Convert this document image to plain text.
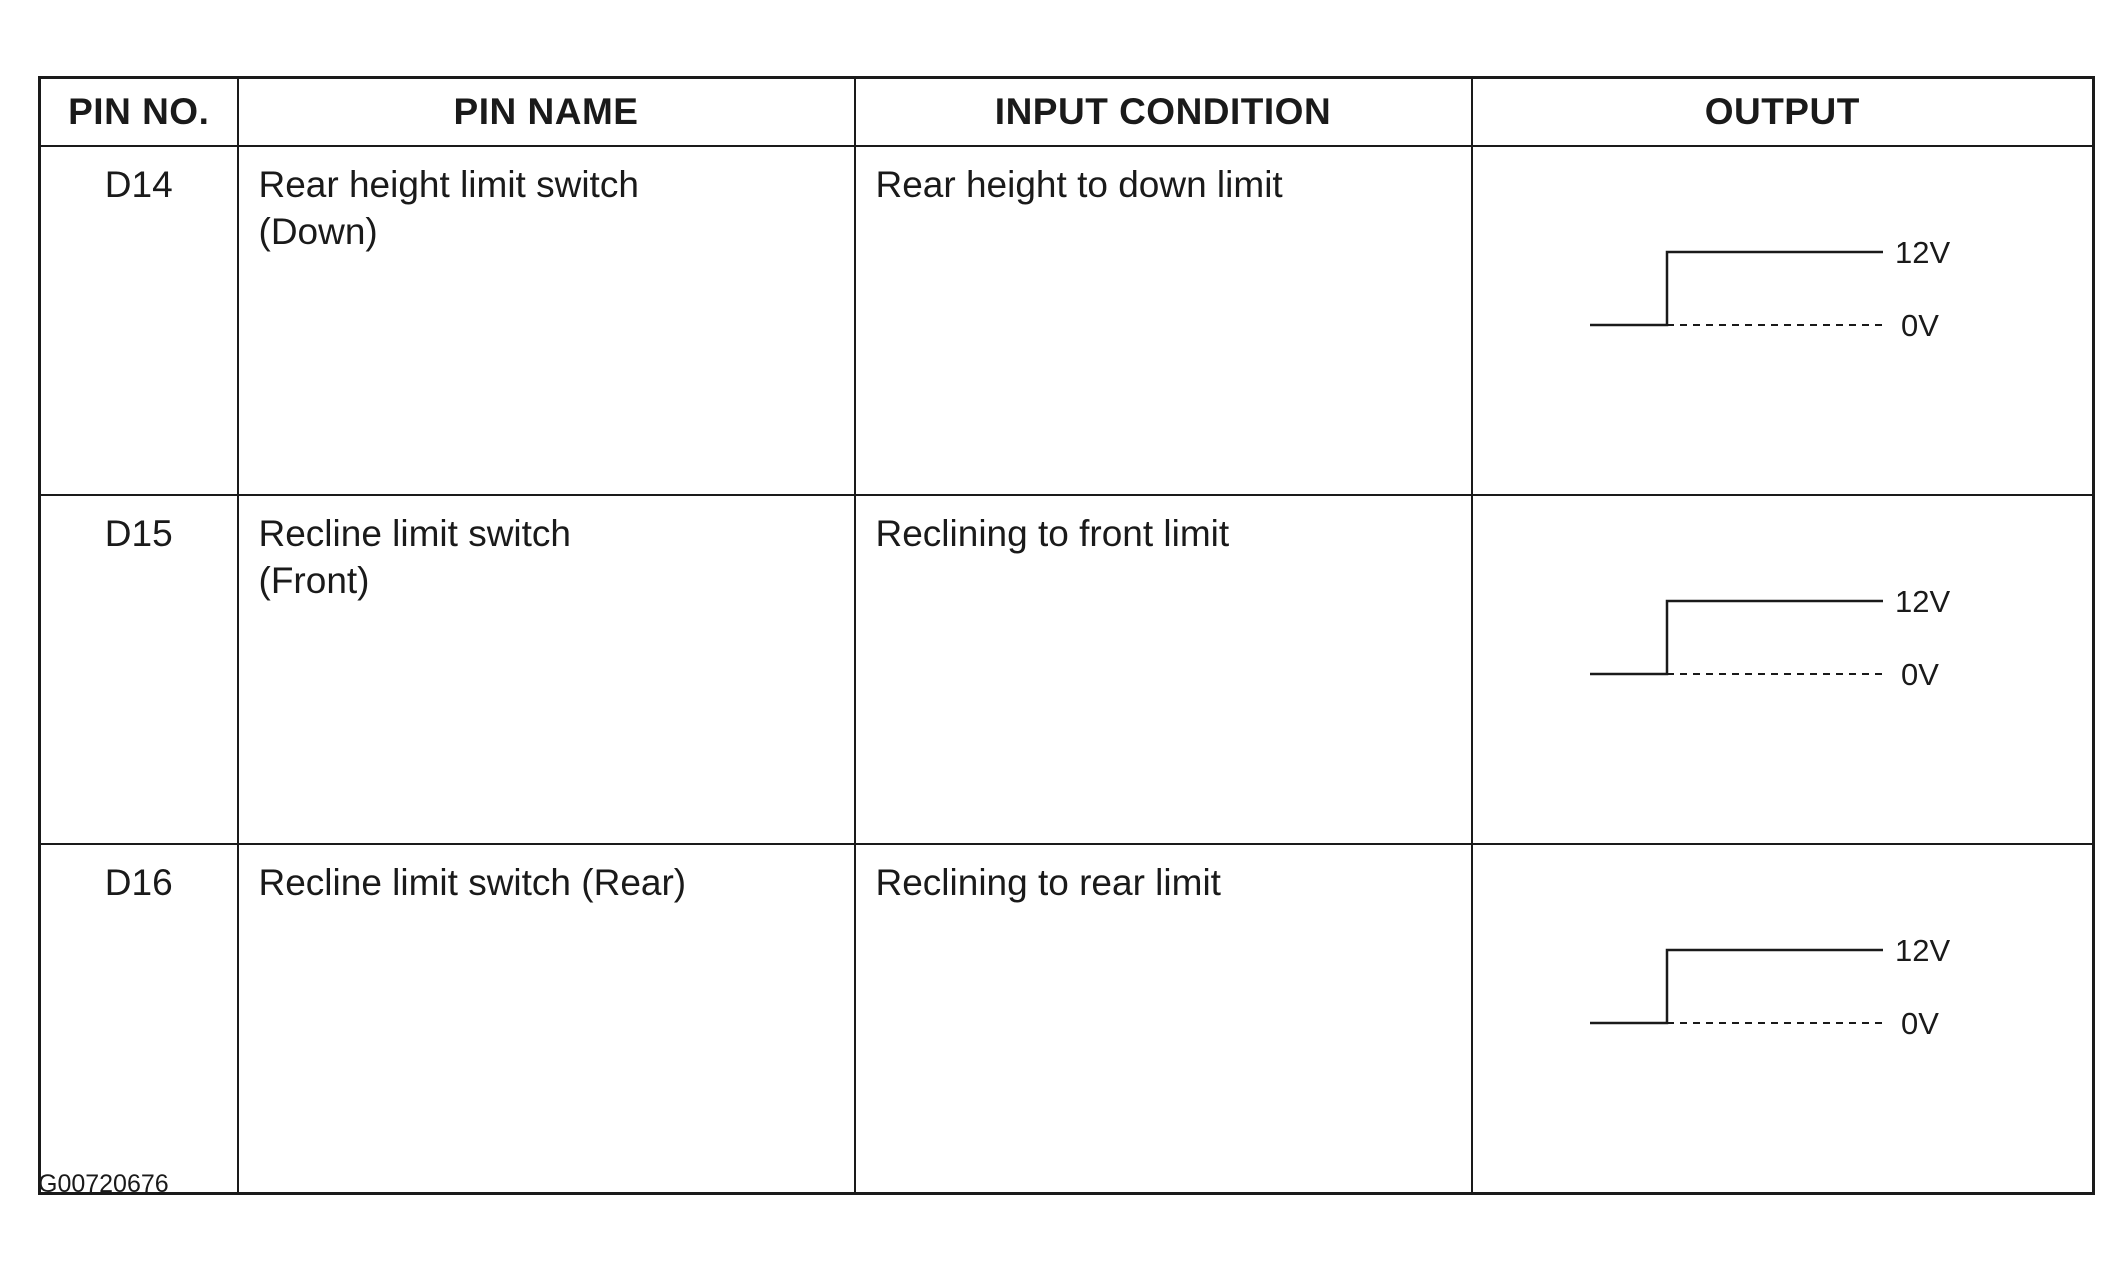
PIN NO.	PIN NAME	INPUT CONDITION	OUTPUT
D14	Rear height limit switch (Down)	Rear height to down limit	12V
0V

D15	Recline limit switch (Front)	Reclining to front limit	12V
0V

D16	Recline limit switch (Rear)	Reclining to rear limit	12V
0V
G00720676
